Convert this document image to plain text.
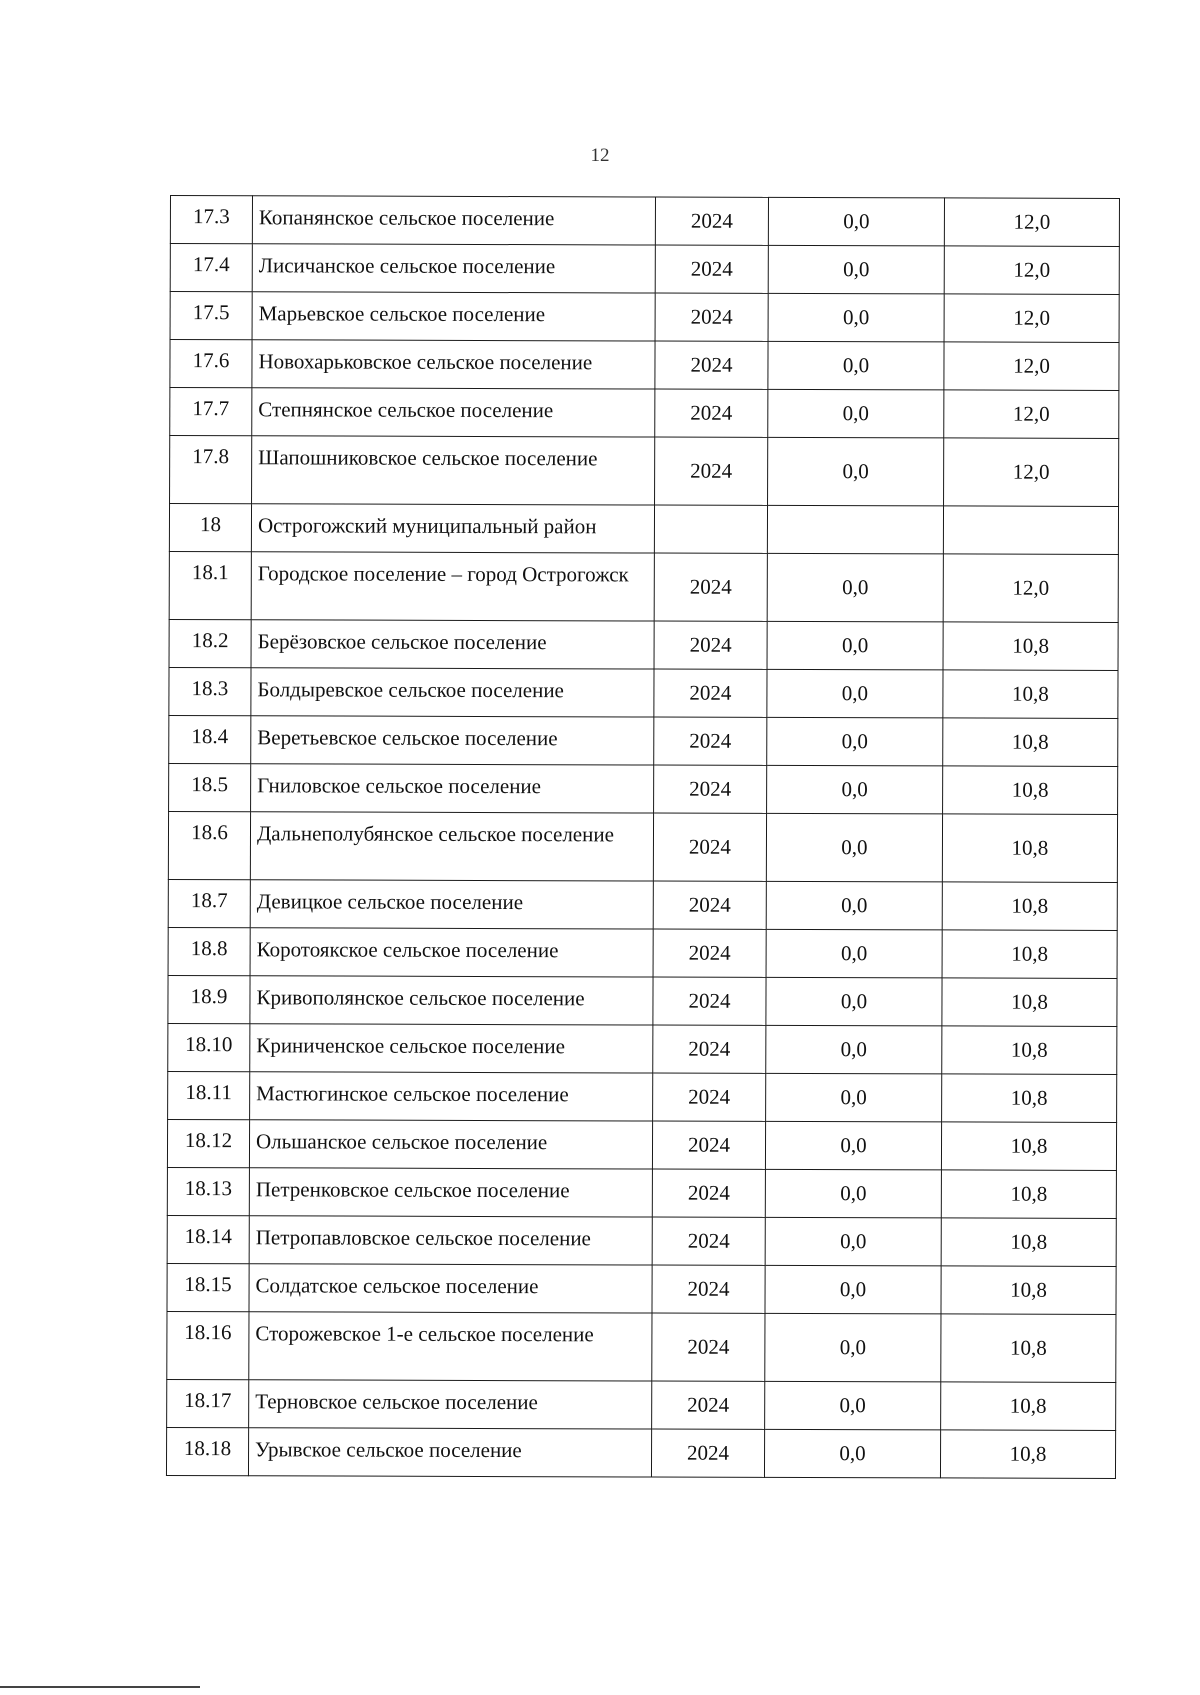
12
17.3	Копанянское сельское поселение	2024	0,0	12,0
17.4	Лисичанское сельское поселение	2024	0,0	12,0
17.5	Марьевское сельское поселение	2024	0,0	12,0
17.6	Новохарьковское сельское поселение	2024	0,0	12,0
17.7	Степнянское сельское поселение	2024	0,0	12,0
17.8	Шапошниковское сельское поселение	2024	0,0	12,0
18	Острогожский муниципальный район			
18.1	Городское поселение – город Острогожск	2024	0,0	12,0
18.2	Берёзовское сельское поселение	2024	0,0	10,8
18.3	Болдыревское сельское поселение	2024	0,0	10,8
18.4	Веретьевское сельское поселение	2024	0,0	10,8
18.5	Гниловское сельское поселение	2024	0,0	10,8
18.6	Дальнеполубянское сельское поселение	2024	0,0	10,8
18.7	Девицкое сельское поселение	2024	0,0	10,8
18.8	Коротоякское сельское поселение	2024	0,0	10,8
18.9	Кривополянское сельское поселение	2024	0,0	10,8
18.10	Криниченское сельское поселение	2024	0,0	10,8
18.11	Мастюгинское сельское поселение	2024	0,0	10,8
18.12	Ольшанское сельское поселение	2024	0,0	10,8
18.13	Петренковское сельское поселение	2024	0,0	10,8
18.14	Петропавловское сельское поселение	2024	0,0	10,8
18.15	Солдатское сельское поселение	2024	0,0	10,8
18.16	Сторожевское 1-е сельское поселение	2024	0,0	10,8
18.17	Терновское сельское поселение	2024	0,0	10,8
18.18	Урывское сельское поселение	2024	0,0	10,8
